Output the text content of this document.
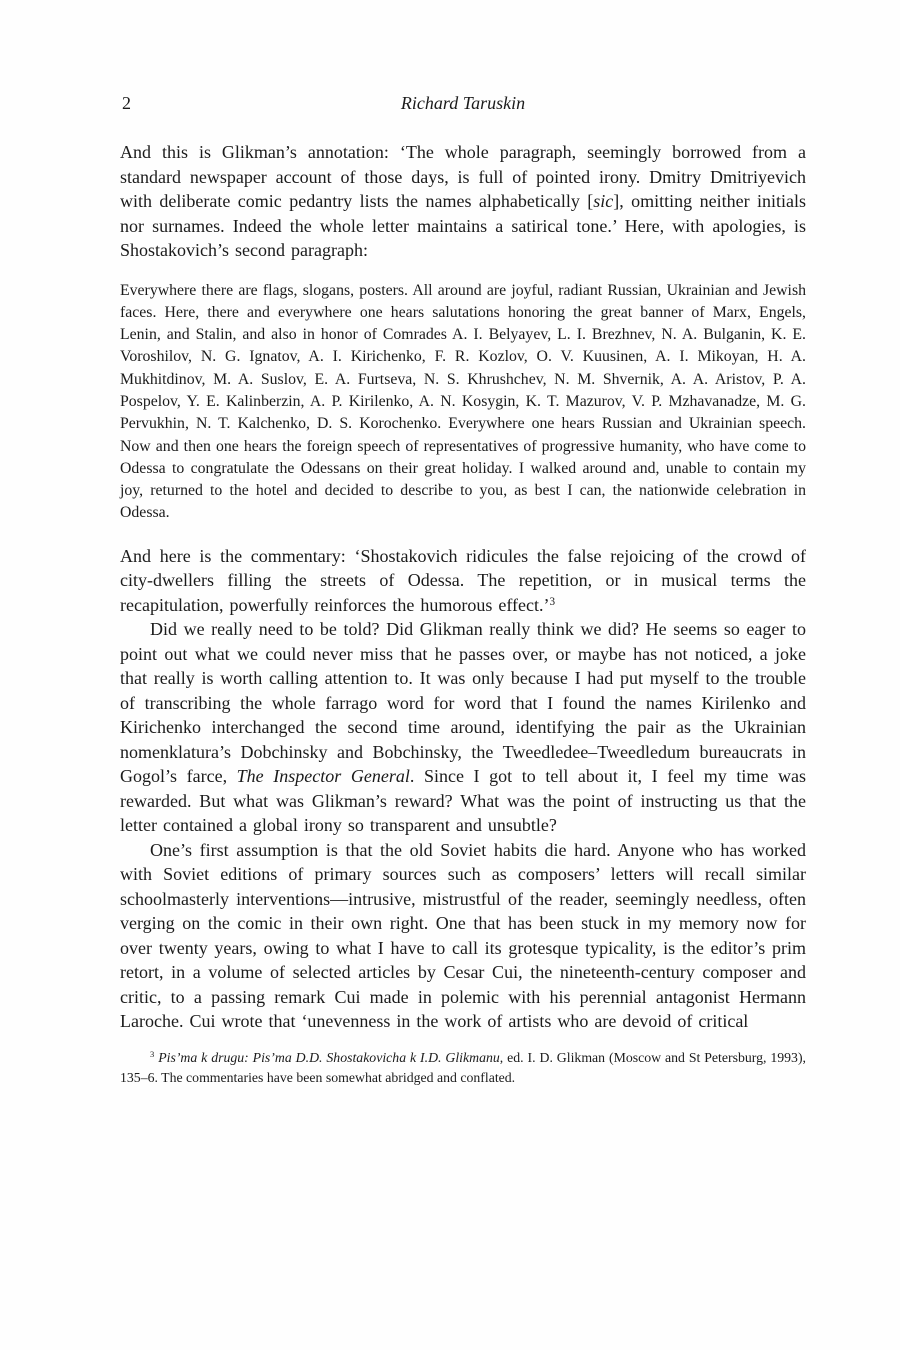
2	Richard Taruskin

And this is Glikman’s annotation: ‘The whole paragraph, seemingly borrowed from a standard newspaper account of those days, is full of pointed irony. Dmitry Dmitriyevich with deliberate comic pedantry lists the names alphabetically [sic], omitting neither initials nor surnames. Indeed the whole letter maintains a satirical tone.’ Here, with apologies, is Shostakovich’s second paragraph:

Everywhere there are flags, slogans, posters. All around are joyful, radiant Russian, Ukrainian and Jewish faces. Here, there and everywhere one hears salutations honoring the great banner of Marx, Engels, Lenin, and Stalin, and also in honor of Comrades A. I. Belyayev, L. I. Brezhnev, N. A. Bulganin, K. E. Voroshilov, N. G. Ignatov, A. I. Kirichenko, F. R. Kozlov, O. V. Kuusinen, A. I. Mikoyan, H. A. Mukhitdinov, M. A. Suslov, E. A. Furtseva, N. S. Khrushchev, N. M. Shvernik, A. A. Aristov, P. A. Pospelov, Y. E. Kalinberzin, A. P. Kirilenko, A. N. Kosygin, K. T. Mazurov, V. P. Mzhavanadze, M. G. Pervukhin, N. T. Kalchenko, D. S. Korochenko. Everywhere one hears Russian and Ukrainian speech. Now and then one hears the foreign speech of representatives of progressive humanity, who have come to Odessa to congratulate the Odessans on their great holiday. I walked around and, unable to contain my joy, returned to the hotel and decided to describe to you, as best I can, the nationwide celebration in Odessa.

And here is the commentary: ‘Shostakovich ridicules the false rejoicing of the crowd of city-dwellers filling the streets of Odessa. The repetition, or in musical terms the recapitulation, powerfully reinforces the humorous effect.’$^3$

Did we really need to be told? Did Glikman really think we did? He seems so eager to point out what we could never miss that he passes over, or maybe has not noticed, a joke that really is worth calling attention to. It was only because I had put myself to the trouble of transcribing the whole farrago word for word that I found the names Kirilenko and Kirichenko interchanged the second time around, identifying the pair as the Ukrainian nomenklatura’s Dobchinsky and Bobchinsky, the Tweedledee–Tweedledum bureaucrats in Gogol’s farce, The Inspector General. Since I got to tell about it, I feel my time was rewarded. But what was Glikman’s reward? What was the point of instructing us that the letter contained a global irony so transparent and unsubtle?

One’s first assumption is that the old Soviet habits die hard. Anyone who has worked with Soviet editions of primary sources such as composers’ letters will recall similar schoolmasterly interventions—intrusive, mistrustful of the reader, seemingly needless, often verging on the comic in their own right. One that has been stuck in my memory now for over twenty years, owing to what I have to call its grotesque typicality, is the editor’s prim retort, in a volume of selected articles by Cesar Cui, the nineteenth-century composer and critic, to a passing remark Cui made in polemic with his perennial antagonist Hermann Laroche. Cui wrote that ‘unevenness in the work of artists who are devoid of critical

$^3$ Pis’ma k drugu: Pis’ma D.D. Shostakovicha k I.D. Glikmanu, ed. I. D. Glikman (Moscow and St Petersburg, 1993), 135–6. The commentaries have been somewhat abridged and conflated.
